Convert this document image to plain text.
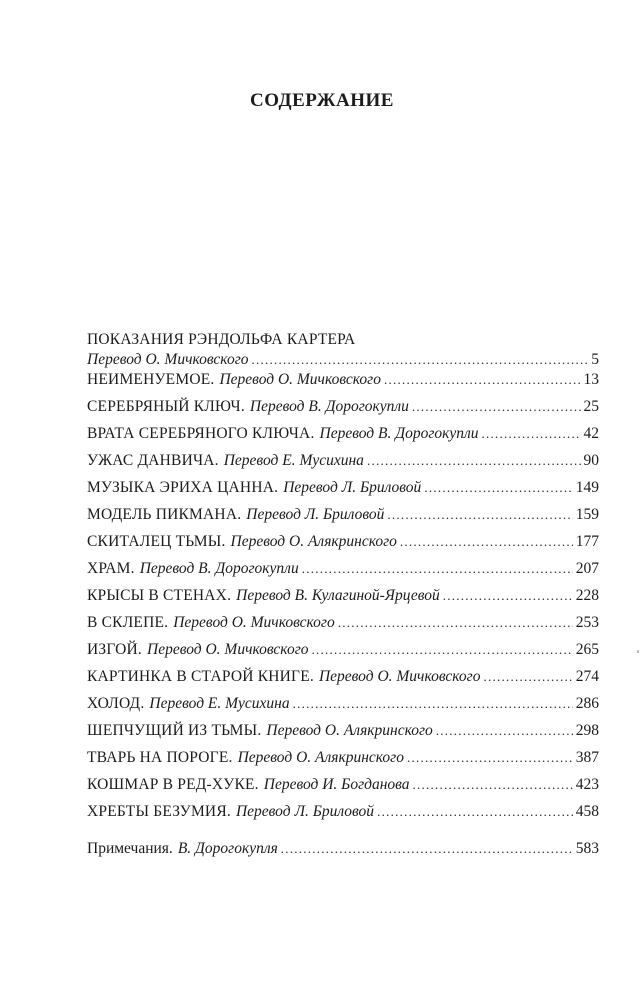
СОДЕРЖАНИЕ
ПОКАЗАНИЯ РЭНДОЛЬФА КАРТЕРА
Перевод О. Мичковского . . .	5
НЕИМЕНУЕМОЕ. Перевод О. Мичковского . . .	13
СЕРЕБРЯНЫЙ КЛЮЧ. Перевод В. Дорогокупли . . .	25
ВРАТА СЕРЕБРЯНОГО КЛЮЧА. Перевод В. Дорогокупли . . .	42
УЖАС ДАНВИЧА. Перевод Е. Мусихина . . .	90
МУЗЫКА ЭРИХА ЦАННА. Перевод Л. Бриловой . . .	149
МОДЕЛЬ ПИКМАНА. Перевод Л. Бриловой . . .	159
СКИТАЛЕЦ ТЬМЫ. Перевод О. Алякринского . . .	177
ХРАМ. Перевод В. Дорогокупли . . .	207
КРЫСЫ В СТЕНАХ. Перевод В. Кулагиной-Ярцевой . . .	228
В СКЛЕПЕ. Перевод О. Мичковского . . .	253
ИЗГОЙ. Перевод О. Мичковского . . .	265
КАРТИНКА В СТАРОЙ КНИГЕ. Перевод О. Мичковского . . .	274
ХОЛОД. Перевод Е. Мусихина . . .	286
ШЕПЧУЩИЙ ИЗ ТЬМЫ. Перевод О. Алякринского . . .	298
ТВАРЬ НА ПОРОГЕ. Перевод О. Алякринского . . .	387
КОШМАР В РЕД-ХУКЕ. Перевод И. Богданова . . .	423
ХРЕБТЫ БЕЗУМИЯ. Перевод Л. Бриловой . . .	458
Примечания. В. Дорогокупля . . .	583
